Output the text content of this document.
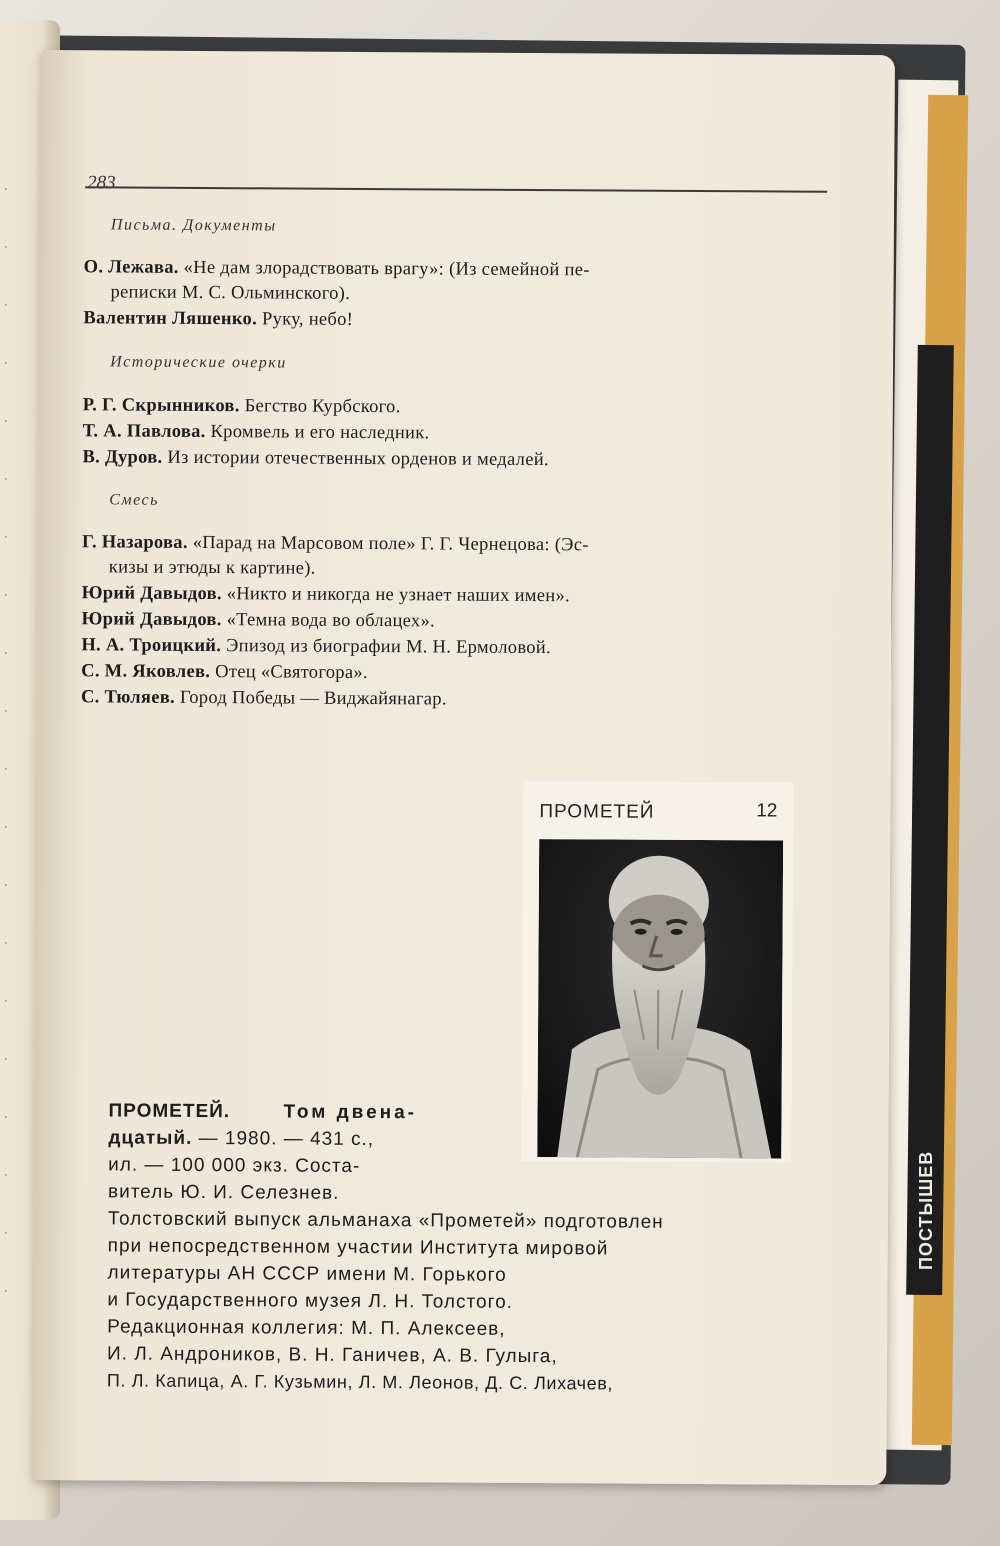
ПОСТЫШЕВ
·
·
·
·
·
·
·
·
·
·
·
·
·
·
·
·
·
·
·
·
283
Письма. Документы
О. Лежава. «Не дам злорадствовать врагу»: (Из семейной пе-
реписки М. С. Ольминского).
Валентин Ляшенко. Руку, небо!
Исторические очерки
Р. Г. Скрынников. Бегство Курбского.
Т. А. Павлова. Кромвель и его наследник.
В. Дуров. Из истории отечественных орденов и медалей.
Смесь
Г. Назарова. «Парад на Марсовом поле» Г. Г. Чернецова: (Эс-
кизы и этюды к картине).
Юрий Давыдов. «Никто и никогда не узнает наших имен».
Юрий Давыдов. «Темна вода во облацех».
Н. А. Троицкий. Эпизод из биографии М. Н. Ермоловой.
С. М. Яковлев. Отец «Святогора».
С. Тюляев. Город Победы — Виджайянагар.
ПРОМЕТЕЙ	12
ПРОМЕТЕЙ.	Том двена-
дцатый. — 1980. — 431 с.,
ил. — 100 000 экз. Соста-
витель Ю. И. Селезнев.
Толстовский выпуск альманаха «Прометей» подготовлен
при непосредственном участии Института мировой
литературы АН СССР имени М. Горького
и Государственного музея Л. Н. Толстого.
Редакционная коллегия: М. П. Алексеев,
И. Л. Андроников, В. Н. Ганичев, А. В. Гулыга,
П. Л. Капица, А. Г. Кузьмин, Л. М. Леонов, Д. С. Лихачев,
